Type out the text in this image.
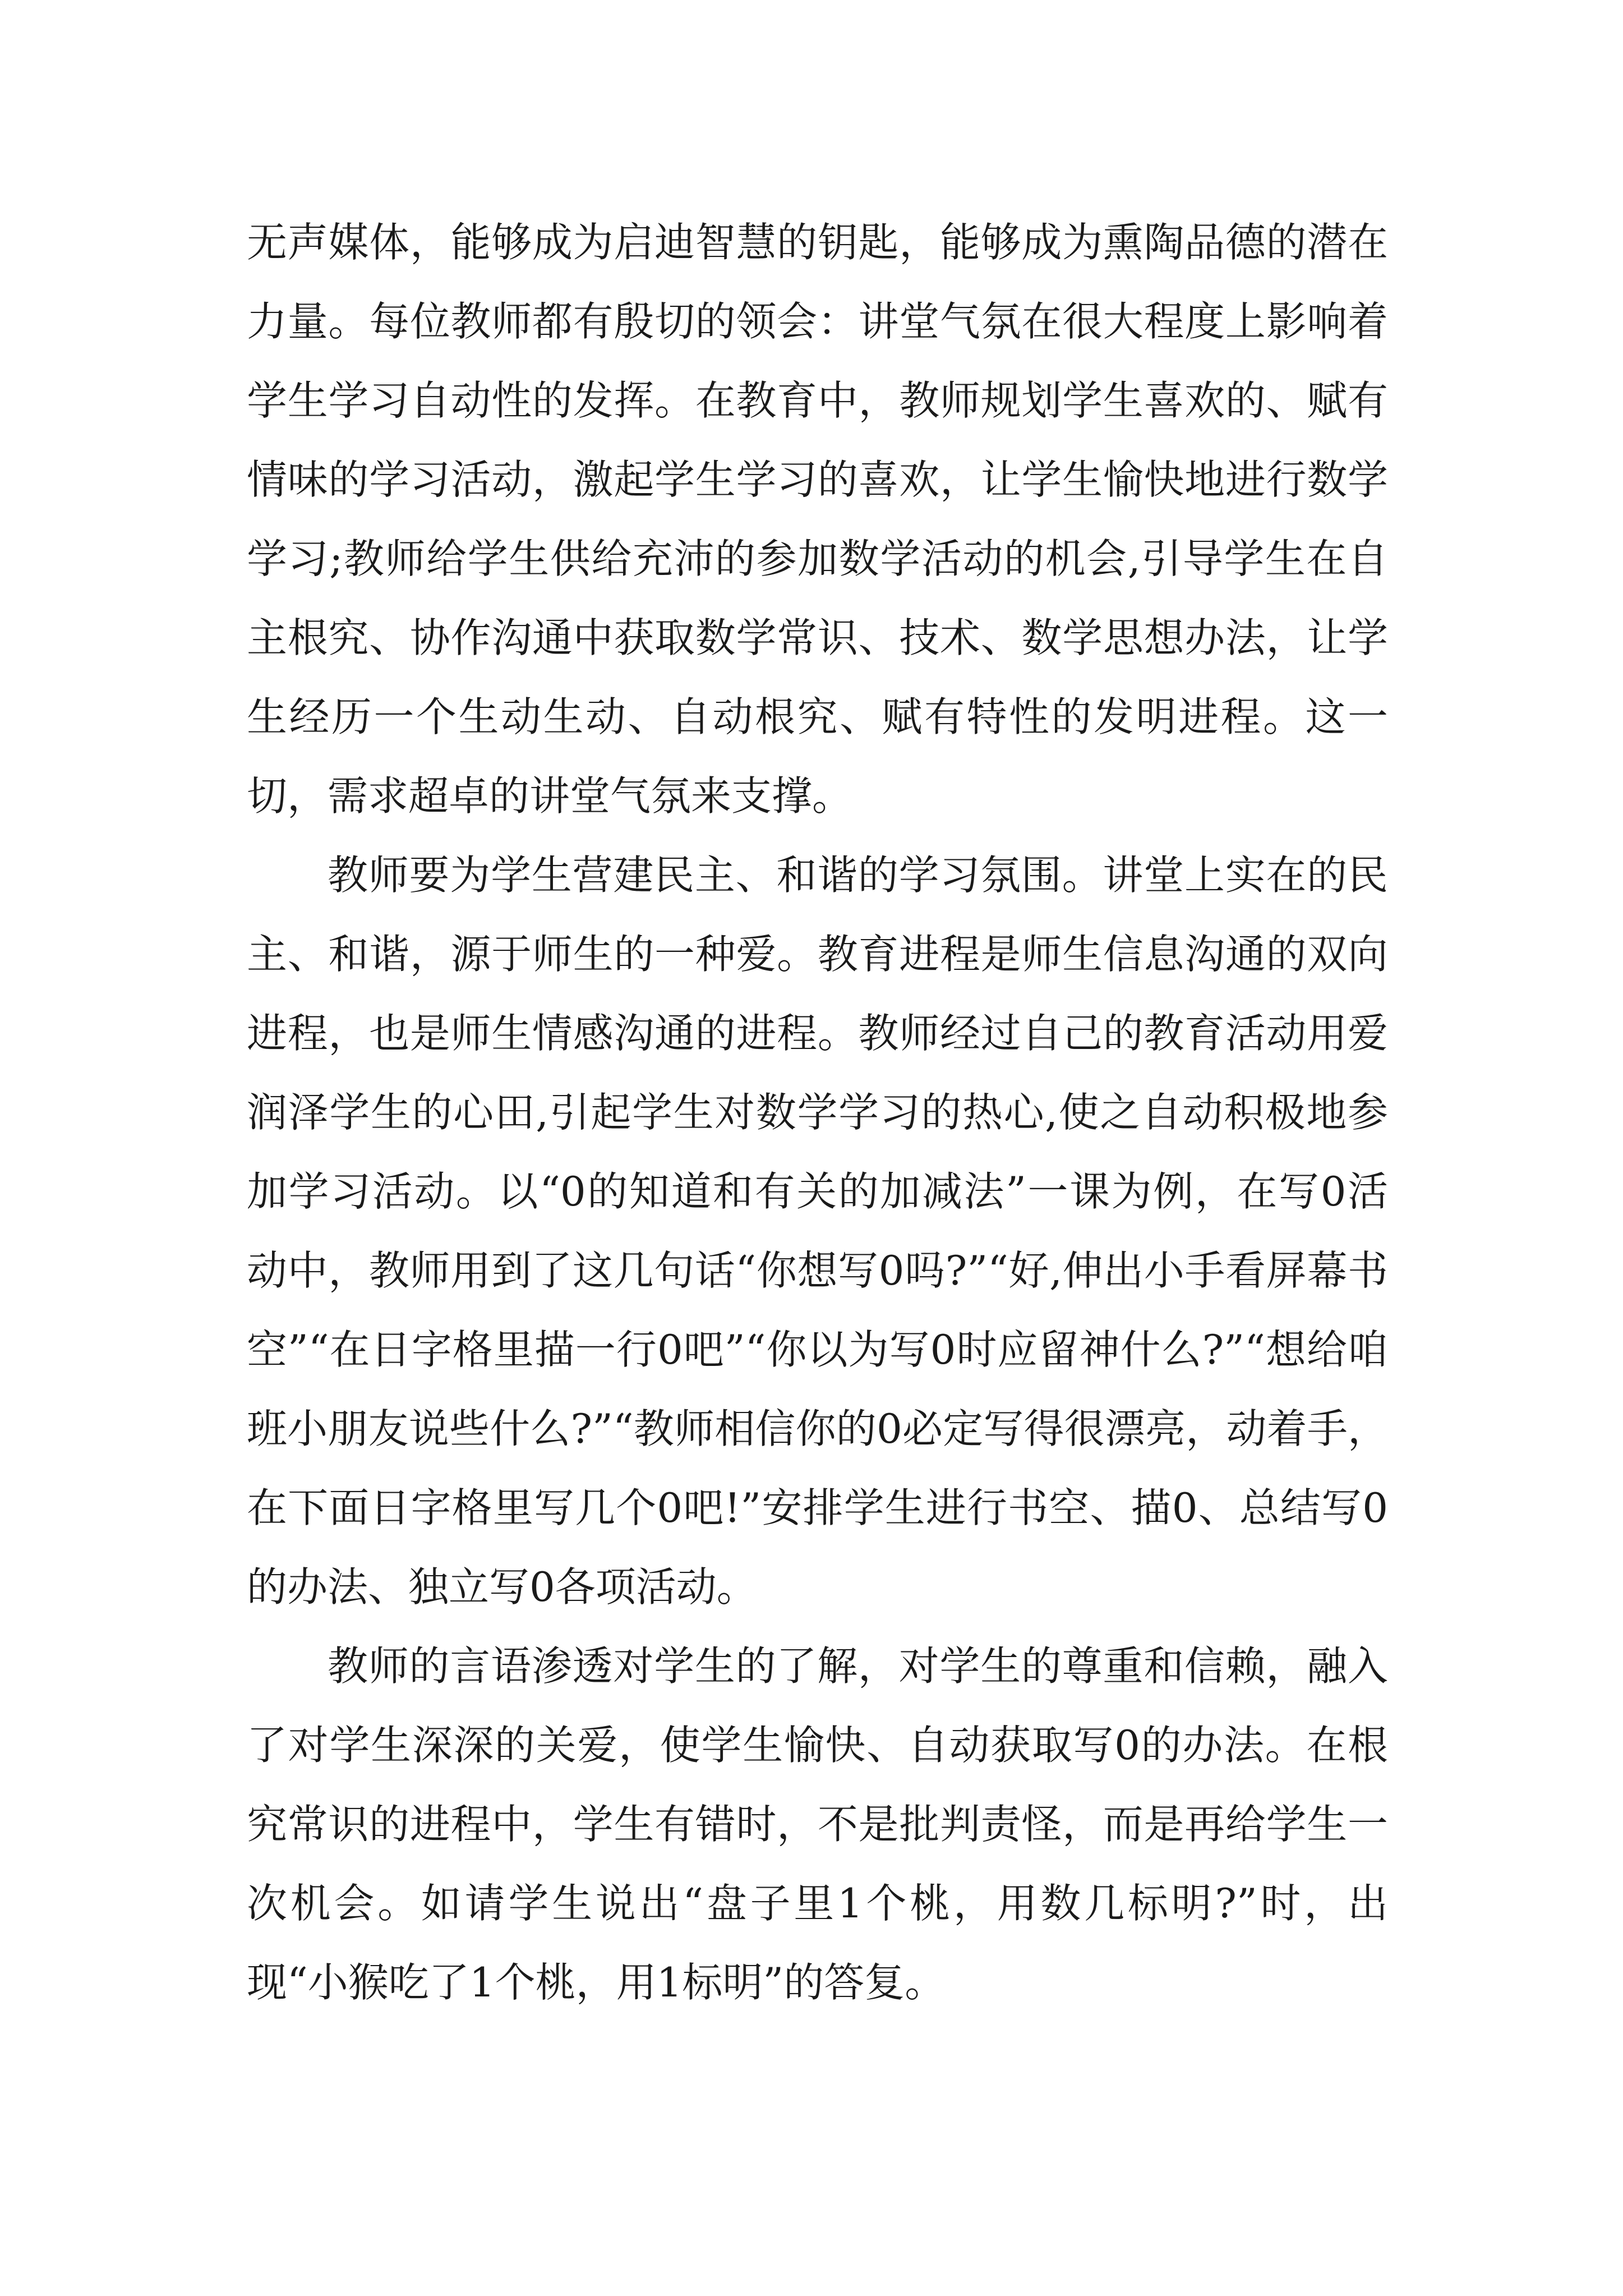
无声媒体，能够成为启迪智慧的钥匙，能够成为熏陶品德的潜在力量。每位教师都有殷切的领会：讲堂气氛在很大程度上影响着学生学习自动性的发挥。在教育中，教师规划学生喜欢的、赋有情味的学习活动，激起学生学习的喜欢，让学生愉快地进行数学学习;教师给学生供给充沛的参加数学活动的机会,引导学生在自主根究、协作沟通中获取数学常识、技术、数学思想办法，让学生经历一个生动生动、自动根究、赋有特性的发明进程。这一切，需求超卓的讲堂气氛来支撑。

教师要为学生营建民主、和谐的学习氛围。讲堂上实在的民主、和谐，源于师生的一种爱。教育进程是师生信息沟通的双向进程，也是师生情感沟通的进程。教师经过自己的教育活动用爱润泽学生的心田,引起学生对数学学习的热心,使之自动积极地参加学习活动。以“0的知道和有关的加减法”一课为例，在写0活动中，教师用到了这几句话“你想写0吗?”“好,伸出小手看屏幕书空”“在日字格里描一行0吧”“你以为写0时应留神什么?”“想给咱班小朋友说些什么?”“教师相信你的0必定写得很漂亮，动着手，在下面日字格里写几个0吧!”安排学生进行书空、描0、总结写0的办法、独立写0各项活动。

教师的言语渗透对学生的了解，对学生的尊重和信赖，融入了对学生深深的关爱，使学生愉快、自动获取写0的办法。在根究常识的进程中，学生有错时，不是批判责怪，而是再给学生一次机会。如请学生说出“盘子里1个桃，用数几标明?”时，出现“小猴吃了1个桃，用1标明”的答复。
